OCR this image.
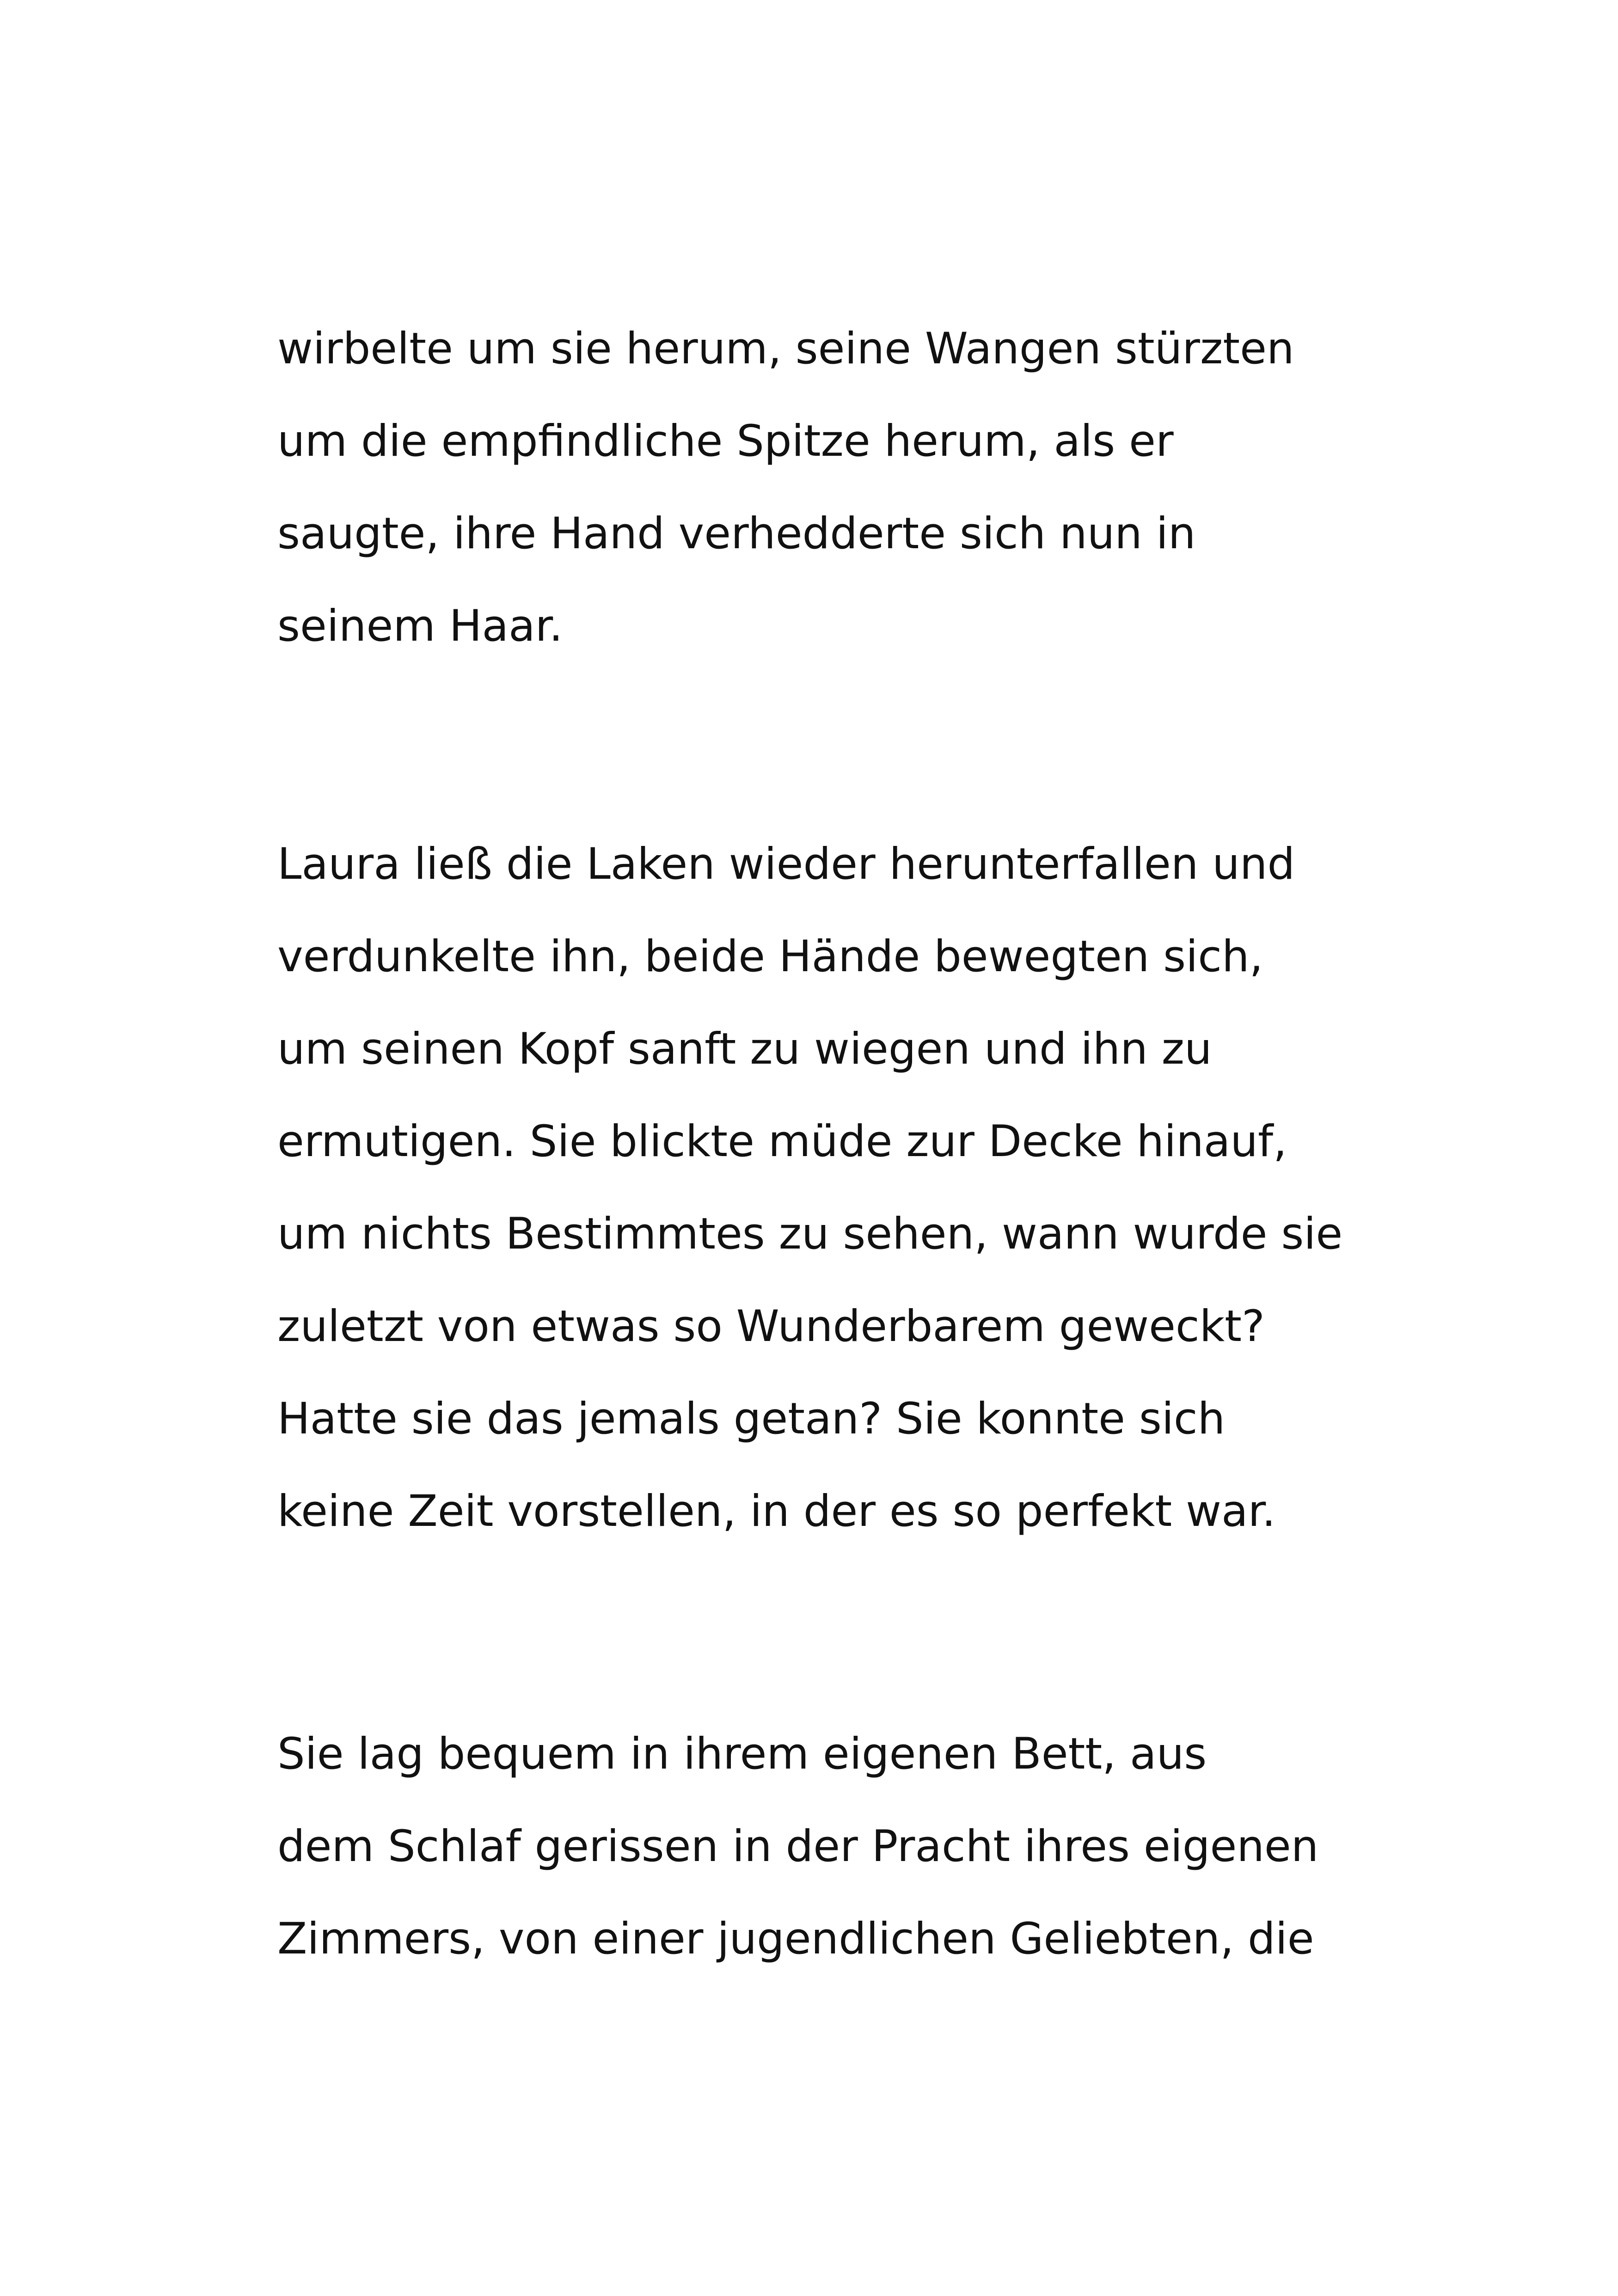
wirbelte um sie herum, seine Wangen stürzten
um die empfindliche Spitze herum, als er
saugte, ihre Hand verhedderte sich nun in
seinem Haar.
Laura ließ die Laken wieder herunterfallen und
verdunkelte ihn, beide Hände bewegten sich,
um seinen Kopf sanft zu wiegen und ihn zu
ermutigen. Sie blickte müde zur Decke hinauf,
um nichts Bestimmtes zu sehen, wann wurde sie
zuletzt von etwas so Wunderbarem geweckt?
Hatte sie das jemals getan? Sie konnte sich
keine Zeit vorstellen, in der es so perfekt war.
Sie lag bequem in ihrem eigenen Bett, aus
dem Schlaf gerissen in der Pracht ihres eigenen
Zimmers, von einer jugendlichen Geliebten, die
